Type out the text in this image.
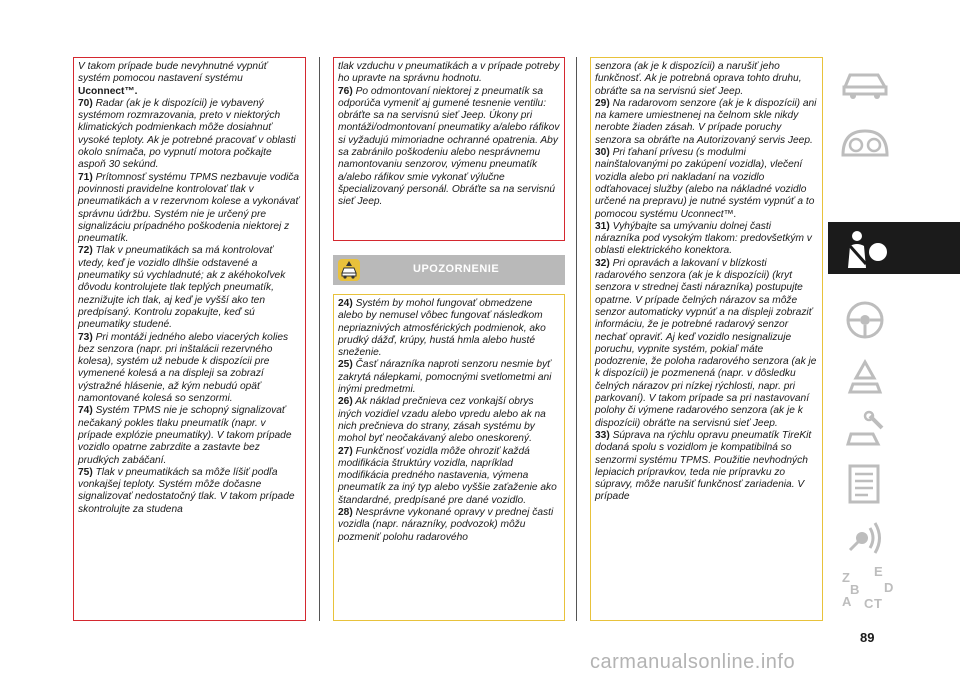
V takom prípade bude nevyhnutné vypnúť systém pomocou nastavení systému Uconnect™.

70) Radar (ak je k dispozícii) je vybavený systémom rozmrazovania, preto v niektorých klimatických podmienkach môže dosiahnuť vysoké teploty. Ak je potrebné pracovať v oblasti okolo snímača, po vypnutí motora počkajte aspoň 30 sekúnd.

71) Prítomnosť systému TPMS nezbavuje vodiča povinnosti pravidelne kontrolovať tlak v pneumatikách a v rezervnom kolese a vykonávať správnu údržbu. Systém nie je určený pre signalizáciu prípadného poškodenia niektorej z pneumatík.

72) Tlak v pneumatikách sa má kontrolovať vtedy, keď je vozidlo dlhšie odstavené a pneumatiky sú vychladnuté; ak z akéhokoľvek dôvodu kontrolujete tlak teplých pneumatík, neznižujte ich tlak, aj keď je vyšší ako ten predpísaný. Kontrolu zopakujte, keď sú pneumatiky studené.

73) Pri montáži jedného alebo viacerých kolies bez senzora (napr. pri inštalácii rezervného kolesa), systém už nebude k dispozícii pre vymenené kolesá a na displeji sa zobrazí výstražné hlásenie, až kým nebudú opäť namontované kolesá so senzormi.

74) Systém TPMS nie je schopný signalizovať nečakaný pokles tlaku pneumatík (napr. v prípade explózie pneumatiky). V takom prípade vozidlo opatrne zabrzdite a zastavte bez prudkých zabáčaní.

75) Tlak v pneumatikách sa môže líšiť podľa vonkajšej teploty. Systém môže dočasne signalizovať nedostatočný tlak. V takom prípade skontrolujte za studena

tlak vzduchu v pneumatikách a v prípade potreby ho upravte na správnu hodnotu.

76) Po odmontovaní niektorej z pneumatík sa odporúča vymeniť aj gumené tesnenie ventilu: obráťte sa na servisnú sieť Jeep. Úkony pri montáži/odmontovaní pneumatiky a/alebo ráfikov si vyžadujú mimoriadne ochranné opatrenia. Aby sa zabránilo poškodeniu alebo nesprávnemu namontovaniu senzorov, výmenu pneumatík a/alebo ráfikov smie vykonať výlučne špecializovaný personál. Obráťte sa na servisnú sieť Jeep.

UPOZORNENIE

24) Systém by mohol fungovať obmedzene alebo by nemusel vôbec fungovať následkom nepriaznivých atmosférických podmienok, ako prudký dážď, krúpy, hustá hmla alebo husté sneženie.

25) Časť nárazníka naproti senzoru nesmie byť zakrytá nálepkami, pomocnými svetlometmi ani inými predmetmi.

26) Ak náklad prečnieva cez vonkajší obrys iných vozidiel vzadu alebo vpredu alebo ak na nich prečnieva do strany, zásah systému by mohol byť neočakávaný alebo oneskorený.

27) Funkčnosť vozidla môže ohroziť každá modifikácia štruktúry vozidla, napríklad modifikácia predného nastavenia, výmena pneumatík za iný typ alebo vyššie zaťaženie ako štandardné, predpísané pre dané vozidlo.

28) Nesprávne vykonané opravy v prednej časti vozidla (napr. nárazníky, podvozok) môžu pozmeniť polohu radarového

senzora (ak je k dispozícii) a narušiť jeho funkčnosť. Ak je potrebná oprava tohto druhu, obráťte sa na servisnú sieť Jeep.

29) Na radarovom senzore (ak je k dispozícii) ani na kamere umiestnenej na čelnom skle nikdy nerobte žiaden zásah. V prípade poruchy senzora sa obráťte na Autorizovaný servis Jeep.

30) Pri ťahaní prívesu (s modulmi nainštalovanými po zakúpení vozidla), vlečení vozidla alebo pri nakladaní na vozidlo odťahovacej služby (alebo na nákladné vozidlo určené na prepravu) je nutné systém vypnúť a to pomocou systému Uconnect™.

31) Vyhýbajte sa umývaniu dolnej časti nárazníka pod vysokým tlakom: predovšetkým v oblasti elektrického konektora.

32) Pri opravách a lakovaní v blízkosti radarového senzora (ak je k dispozícii) (kryt senzora v strednej časti nárazníka) postupujte opatrne. V prípade čelných nárazov sa môže senzor automaticky vypnúť a na displeji zobraziť informáciu, že je potrebné radarový senzor nechať opraviť. Aj keď vozidlo nesignalizuje poruchu, vypnite systém, pokiaľ máte podozrenie, že poloha radarového senzora (ak je k dispozícii) je pozmenená (napr. v dôsledku čelných nárazov pri nízkej rýchlosti, napr. pri parkovaní). V takom prípade sa pri nastavovaní polohy či výmene radarového senzora (ak je k dispozícii) obráťte na servisnú sieť Jeep.

33) Súprava na rýchlu opravu pneumatík TireKit dodaná spolu s vozidlom je kompatibilná so senzormi systému TPMS. Použitie nevhodných lepiacich prípravkov, teda nie prípravku zo súpravy, môže narušiť funkčnosť zariadenia. V prípade

Z E
B D
C T
A
89
carmanualsonline.info
